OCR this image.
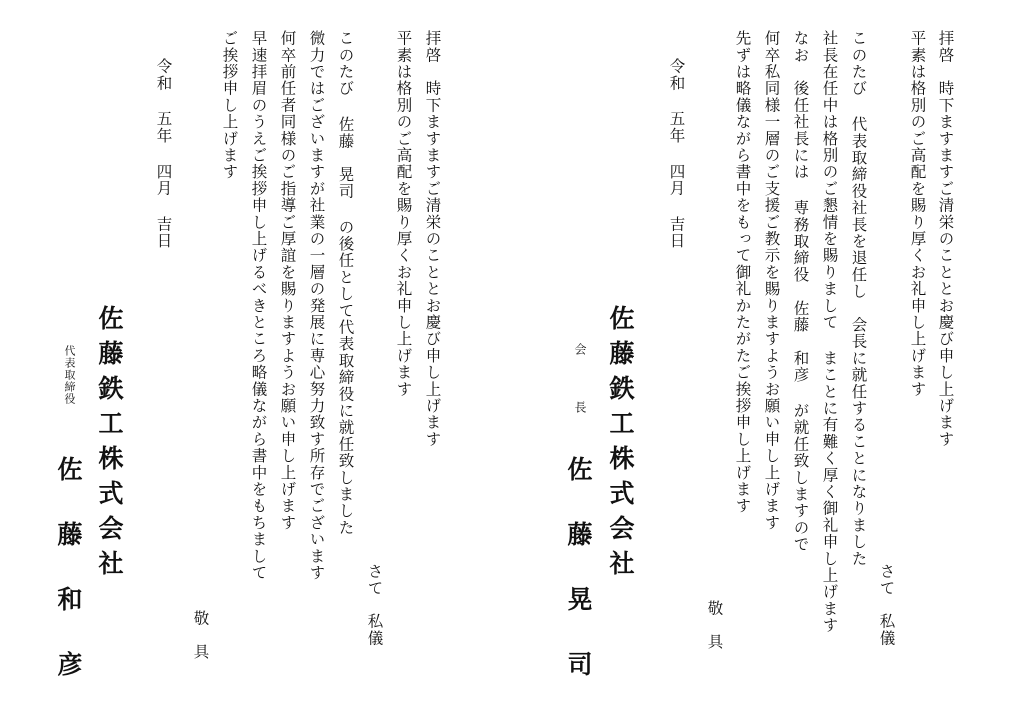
拝啓　時下ますますご清栄のこととお慶び申し上げます
平素は格別のご高配を賜り厚くお礼申し上げます
さて　私儀
このたび 代表取締役社長を退任し　会長に就任することになりました
社長在任中は格別のご懇情を賜りまして まことに有難く厚く御礼申し上げます
なお　後任社長には 専務取締役　佐藤　和彦 が就任致しますので
何卒私同様一層のご支援ご教示を賜りますようお願い申し上げます
先ずは略儀ながら書中をもって御礼かたがたご挨拶申し上げます
敬　具
令和 五年 四月 吉日
佐藤鉄工株式会社
会長
佐藤晃司
拝啓　時下ますますご清栄のこととお慶び申し上げます
平素は格別のご高配を賜り厚くお礼申し上げます
さて　私儀
このたび 佐藤　晃司 の後任として代表取締役に就任致しました
微力ではございますが社業の一層の発展に専心努力致す所存でございます
何卒前任者同様のご指導ご厚誼を賜りますようお願い申し上げます
早速拝眉のうえご挨拶申し上げるべきところ略儀ながら書中をもちまして
ご挨拶申し上げます
敬　具
令和 五年 四月 吉日
佐藤鉄工株式会社
代表取締役
佐藤和彦
